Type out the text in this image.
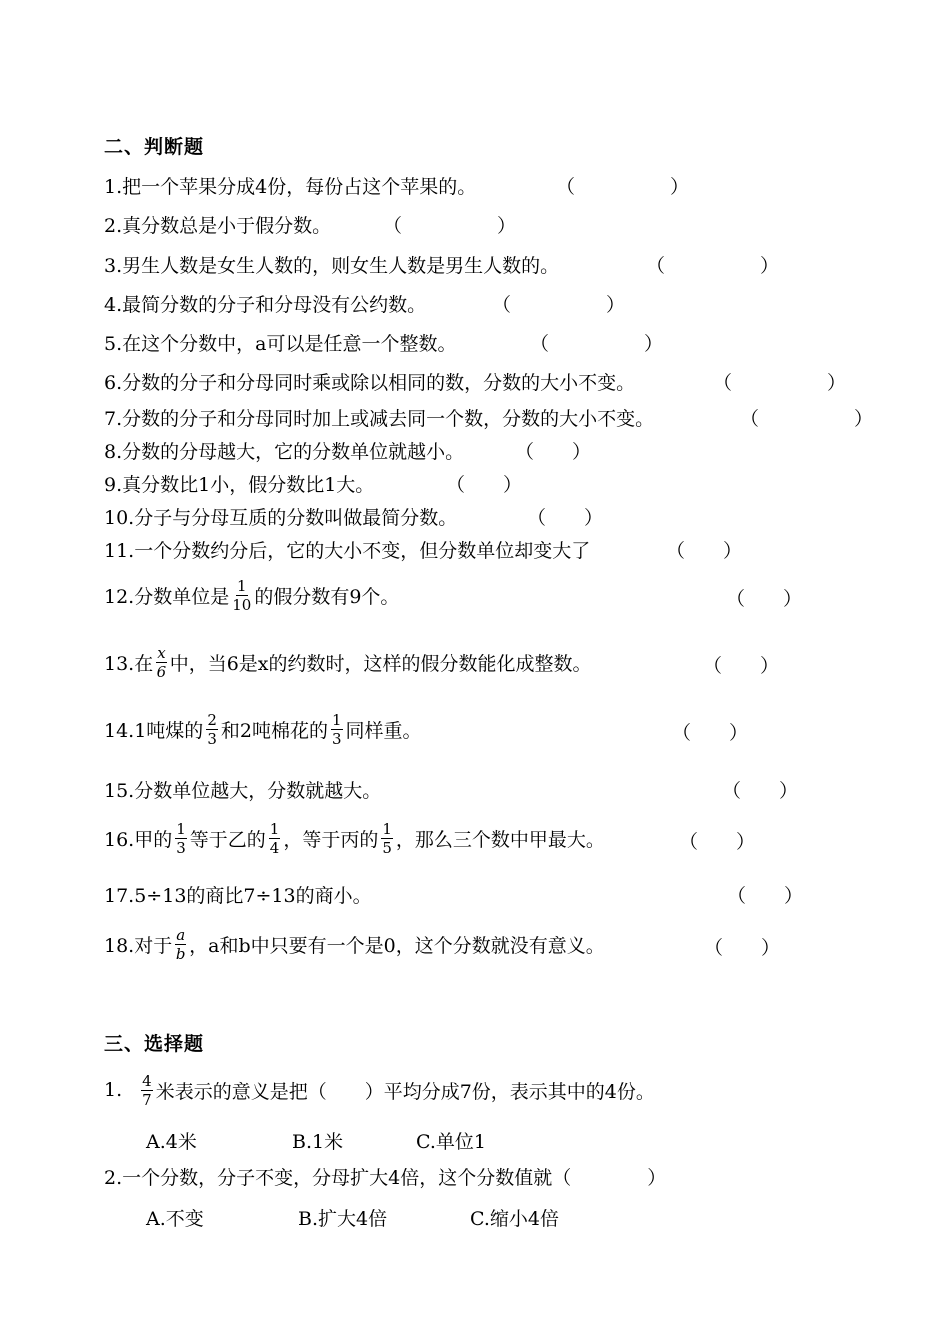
二、判断题
1.把一个苹果分成4份，每份占这个苹果的。	（　　　　　）
2.真分数总是小于假分数。	（　　　　　）
3.男生人数是女生人数的，则女生人数是男生人数的。	（　　　　　）
4.最简分数的分子和分母没有公约数。	（　　　　　）
5.在这个分数中，a可以是任意一个整数。	（　　　　　）
6.分数的分子和分母同时乘或除以相同的数，分数的大小不变。	（　　　　　）
7.分数的分子和分母同时加上或减去同一个数，分数的大小不变。	（　　　　　）
8.分数的分母越大，它的分数单位就越小。	（　　）
9.真分数比1小，假分数比1大。	（　　）
10.分子与分母互质的分数叫做最简分数。	（　　）
11.一个分数约分后，它的大小不变，但分数单位却变大了	（　　）
12.分数单位是 $\frac{1}{10}$ 的假分数有9个。	（　　）
13.在 $\frac{x}{6}$ 中，当6是x的约数时，这样的假分数能化成整数。	（　　）
14.1吨煤的 $\frac{2}{3}$ 和2吨棉花的 $\frac{1}{3}$ 同样重。	（　　）
15.分数单位越大，分数就越大。	（　　）
16.甲的 $\frac{1}{3}$ 等于乙的 $\frac{1}{4}$ ，等于丙的 $\frac{1}{5}$ ，那么三个数中甲最大。	（　　）
17.5÷13的商比7÷13的商小。	（　　）
18.对于 $\frac{a}{b}$ ，a和b中只要有一个是0，这个分数就没有意义。	（　　）
三、选择题
1. $\frac{4}{7}$ 米表示的意义是把（　　）平均分成7份，表示其中的4份。
A.4米	B.1米	C.单位1
2.一个分数，分子不变，分母扩大4倍，这个分数值就（　　　　）
A.不变	B.扩大4倍	C.缩小4倍
